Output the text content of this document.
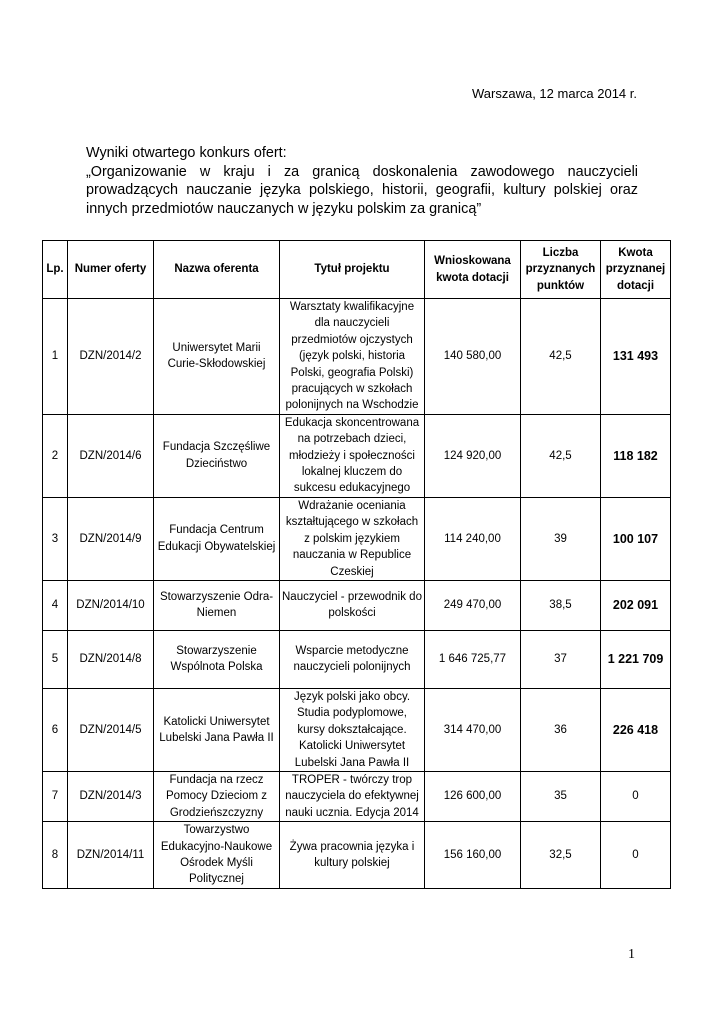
Warszawa, 12 marca 2014 r.
Wyniki otwartego konkurs ofert:
„Organizowanie w kraju i za granicą doskonalenia zawodowego nauczycieli prowadzących nauczanie języka polskiego, historii, geografii, kultury polskiej oraz innych przedmiotów nauczanych w języku polskim za granicą”
Lp.	Numer oferty	Nazwa oferenta	Tytuł projektu	Wnioskowana kwota dotacji	Liczba przyznanych punktów	Kwota przyznanej dotacji
1	DZN/2014/2	Uniwersytet Marii Curie-Skłodowskiej	Warsztaty kwalifikacyjne dla nauczycieli przedmiotów ojczystych (język polski, historia Polski, geografia Polski) pracujących w szkołach polonijnych na Wschodzie	140 580,00	42,5	131 493
2	DZN/2014/6	Fundacja Szczęśliwe Dzieciństwo	Edukacja skoncentrowana na potrzebach dzieci, młodzieży i społeczności lokalnej kluczem do sukcesu edukacyjnego	124 920,00	42,5	118 182
3	DZN/2014/9	Fundacja Centrum Edukacji Obywatelskiej	Wdrażanie oceniania kształtującego w szkołach z polskim językiem nauczania w Republice Czeskiej	114 240,00	39	100 107
4	DZN/2014/10	Stowarzyszenie Odra-Niemen	Nauczyciel - przewodnik do polskości	249 470,00	38,5	202 091
5	DZN/2014/8	Stowarzyszenie Wspólnota Polska	Wsparcie metodyczne nauczycieli polonijnych	1 646 725,77	37	1 221 709
6	DZN/2014/5	Katolicki Uniwersytet Lubelski Jana Pawła II	Język polski jako obcy. Studia podyplomowe, kursy dokształcające. Katolicki Uniwersytet Lubelski Jana Pawła II	314 470,00	36	226 418
7	DZN/2014/3	Fundacja na rzecz Pomocy Dzieciom z Grodzieńszczyzny	TROPER - twórczy trop nauczyciela do efektywnej nauki ucznia. Edycja 2014	126 600,00	35	0
8	DZN/2014/11	Towarzystwo Edukacyjno-Naukowe Ośrodek Myśli Politycznej	Żywa pracownia języka i kultury polskiej	156 160,00	32,5	0
1
